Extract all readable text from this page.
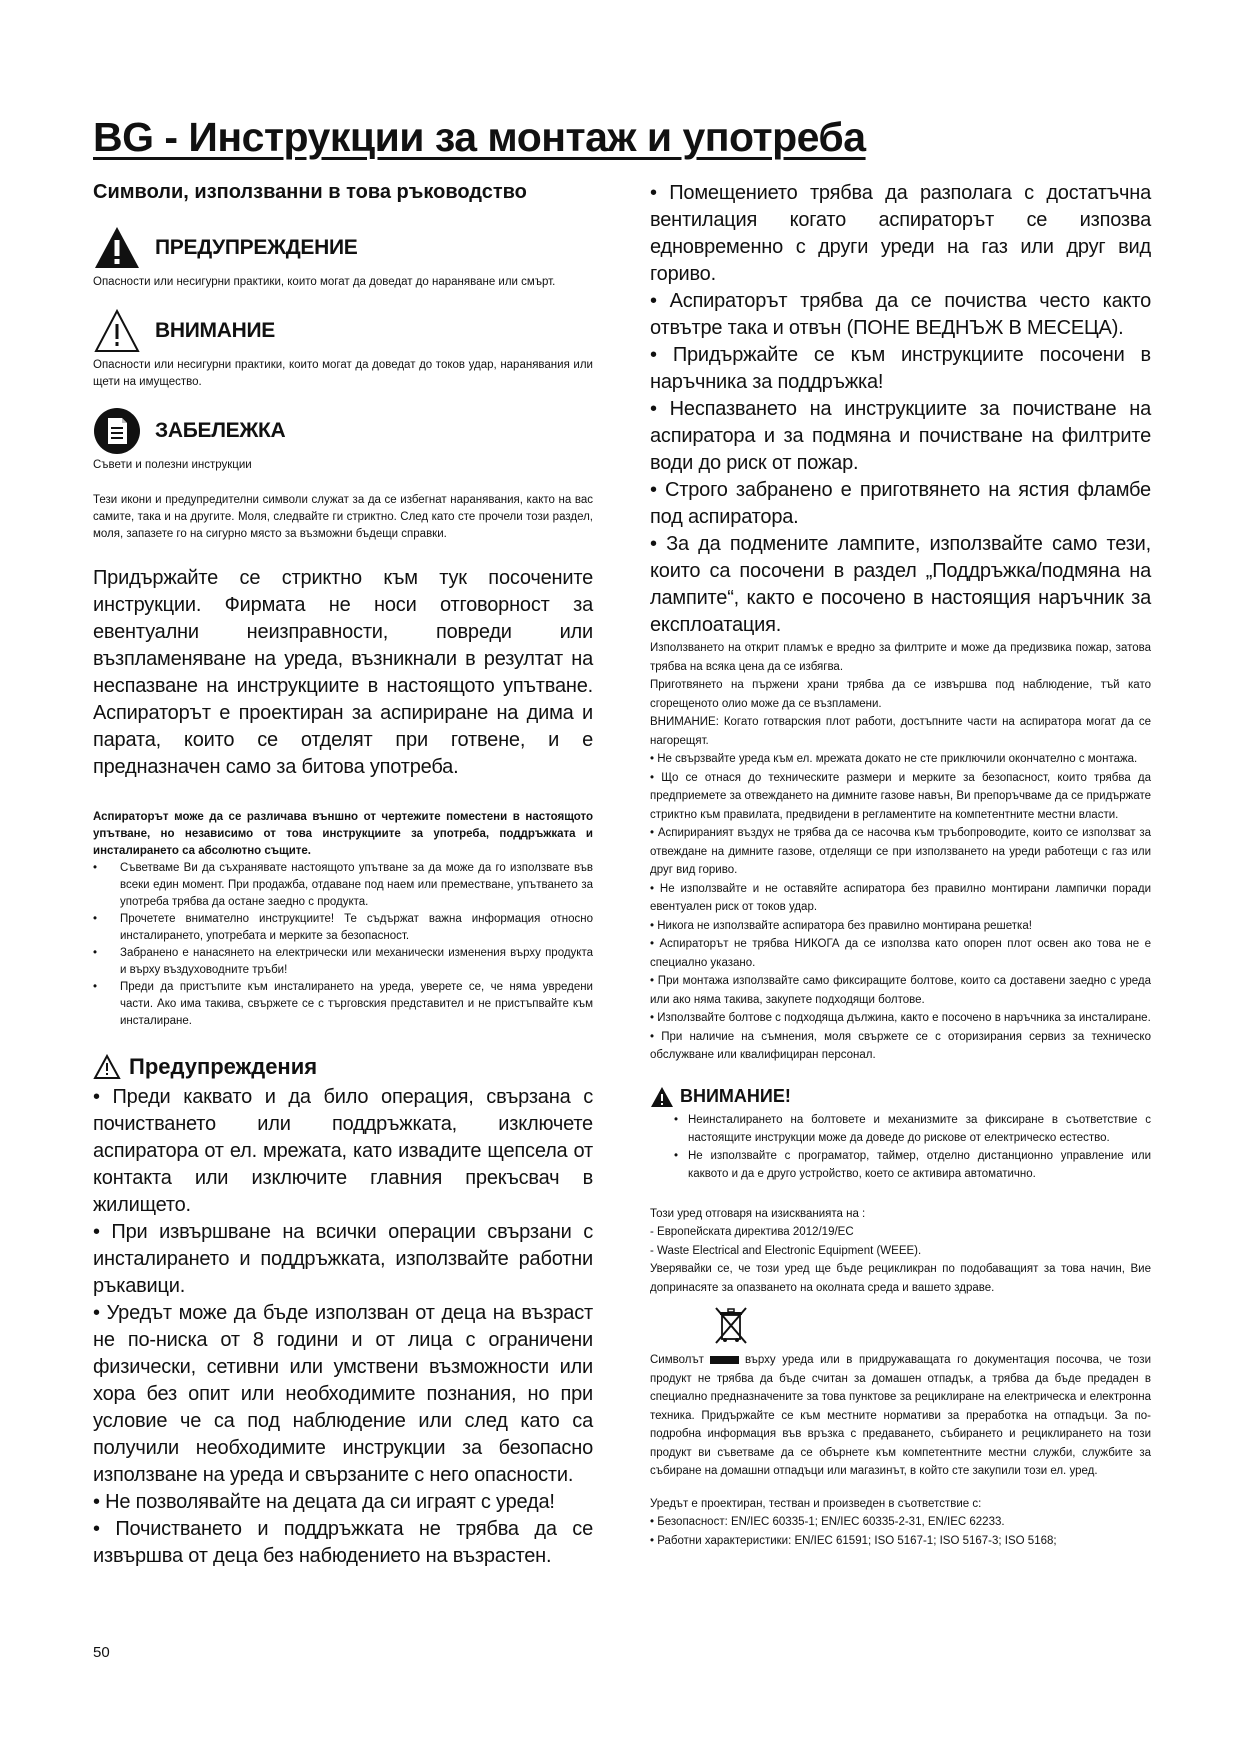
BG - Инструкции за монтаж и употреба

Символи, използванни в това ръководство

ПРЕДУПРЕЖДЕНИЕ

Опасности или несигурни практики, които могат да доведат до нараняване или смърт.

ВНИМАНИЕ

Опасности или несигурни практики, които могат да доведат до токов удар, наранявания или щети на имущество.

ЗАБЕЛЕЖКА

Съвети и полезни инструкции

Тези икони и предупредителни символи служат за да се избегнат наранявания, както на вас самите, така и на другите. Моля, следвайте ги стриктно. След като сте прочели този раздел, моля, запазете го на сигурно място за възможни бъдещи справки.

Придържайте се стриктно към тук посочените инструкции. Фирмата не носи отговорност за евентуални неизправности, повреди или възпламеняване на уреда, възникнали в резултат на неспазване на инструкциите в настоящото упътване. Аспираторът е проектиран за аспириране на дима и парата, които се отделят при готвене, и е предназначен само за битова употреба.

Аспираторът може да се различава външно от чертежите поместени в настоящото упътване, но независимо от това инструкциите за употреба, поддръжката и инсталирането са абсолютно същите.

• Съветваме Ви да съхранявате настоящото упътване за да може да го използвате във всеки един момент. При продажба, отдаване под наем или преместване, упътването за употреба трябва да остане заедно с продукта.
• Прочетете внимателно инструкциите! Те съдържат важна информация относно инсталирането, употребата и мерките за безопасност.
• Забранено е нанасянето на електрически или механически изменения върху продукта и върху въздуховодните тръби!
• Преди да пристъпите към инсталирането на уреда, уверете се, че няма увредени части. Ако има такива, свържете се с търговския представител и не пристъпвайте към инсталиране.
Предупреждения

• Преди каквато и да било операция, свързана с почистването или поддръжката, изключете аспиратора от ел. мрежата, като извадите щепсела от контакта или изключите главния прекъсвач в жилището.

• При извършване на всички операции свързани с инсталирането и поддръжката, използвайте работни ръкавици.

• Уредът може да бъде използван от деца на възраст не по-ниска от 8 години и от лица с ограничени физически, сетивни или умствени възможности или хора без опит или необходимите познания, но при условие че са под наблюдение или след като са получили необходимите инструкции за безопасно използване на уреда и свързаните с него опасности.

• Не позволявайте на децата да си играят с уреда!

• Почистването и поддръжката не трябва да се извършва от деца без набюдението на възрастен.

• Помещението трябва да разполага с достатъчна вентилация когато аспираторът се изпозва едновременно с други уреди на газ или друг вид гориво.

• Аспираторът трябва да се почиства често както отвътре така и отвън (ПОНЕ ВЕДНЪЖ В МЕСЕЦА).

• Придържайте се към инструкциите посочени в наръчника за поддръжка!

• Неспазването на инструкциите за почистване на аспиратора и за подмяна и почистване на филтрите води до риск от пожар.

• Строго забранено е приготвянето на ястия фламбе под аспиратора.

• За да подмените лампите, използвайте само тези, които са посочени в раздел „Поддръжка/подмяна на лампите“, както е посочено в настоящия наръчник за експлоатация.

Използването на открит пламък е вредно за филтрите и може да предизвика пожар, затова трябва на всяка цена да се избягва.

Приготвянето на пържени храни трябва да се извършва под наблюдение, тъй като сгорещеното олио може да се възпламени.

ВНИМАНИЕ: Когато готварския плот работи, достъпните части на аспиратора могат да се нагорещят.

• Не свързвайте уреда към ел. мрежата докато не сте приключили окончателно с монтажа.

• Що се отнася до техническите размери и мерките за безопасност, които трябва да предприемете за отвеждането на димните газове навън, Ви препоръчваме да се придържате стриктно към правилата, предвидени в регламентите на компетентните местни власти.

• Аспирираният въздух не трябва да се насочва към тръбопроводите, които се използват за отвеждане на димните газове, отделящи се при използването на уреди работещи с газ или друг вид гориво.

• Не използвайте и не оставяйте аспиратора без правилно монтирани лампички поради евентуален риск от токов удар.

• Никога не използвайте аспиратора без правилно монтирана решетка!

• Аспираторът не трябва НИКОГА да се използва като опорен плот освен ако това не е специално указано.

• При монтажа използвайте само фиксиращите болтове, които са доставени заедно с уреда или ако няма такива, закупете подходящи болтове.

• Използвайте болтове с подходяща дължина, както е посочено в наръчника за инсталиране.

• При наличие на съмнения, моля свържете се с оторизирания сервиз за техническо обслужване или квалифициран персонал.

ВНИМАНИЕ!
• Неинсталирането на болтовете и механизмите за фиксиране в съответствие с настоящите инструкции може да доведе до рискове от електрическо естество.
• Не използвайте с програматор, таймер, отделно дистанционно управление или каквото и да е друго устройство, което се активира автоматично.

Този уред отговаря на изискванията на :

- Европейската директива 2012/19/ЕС

- Waste Electrical and Electronic Equipment (WEEE).

Уверявайки се, че този уред ще бъде рецикликран по подобаващият за това начин, Вие допринасяте за опазването на околната среда и вашето здраве.

Символът	върху уреда или в придружаващата го документация посочва, че този продукт не трябва да бъде считан за домашен отпадък, а трябва да бъде предаден в специално предназначените за това пунктове за рециклиране на електрическа и електронна техника. Придържайте се към местните нормативи за преработка на отпадъци. За по-подробна информация във връзка с предаването, събирането и рециклирането на този продукт ви съветваме да се обърнете към компетентните местни служби, службите за събиране на домашни отпадъци или магазинът, в който сте закупили този ел. уред.

Уредът е проектиран, тестван и произведен в съответствие с:

• Безопасност: EN/IEC 60335-1; EN/IEC 60335-2-31, EN/IEC 62233.

• Работни характеристики: EN/IEC 61591; ISO 5167-1; ISO 5167-3; ISO 5168;

50
